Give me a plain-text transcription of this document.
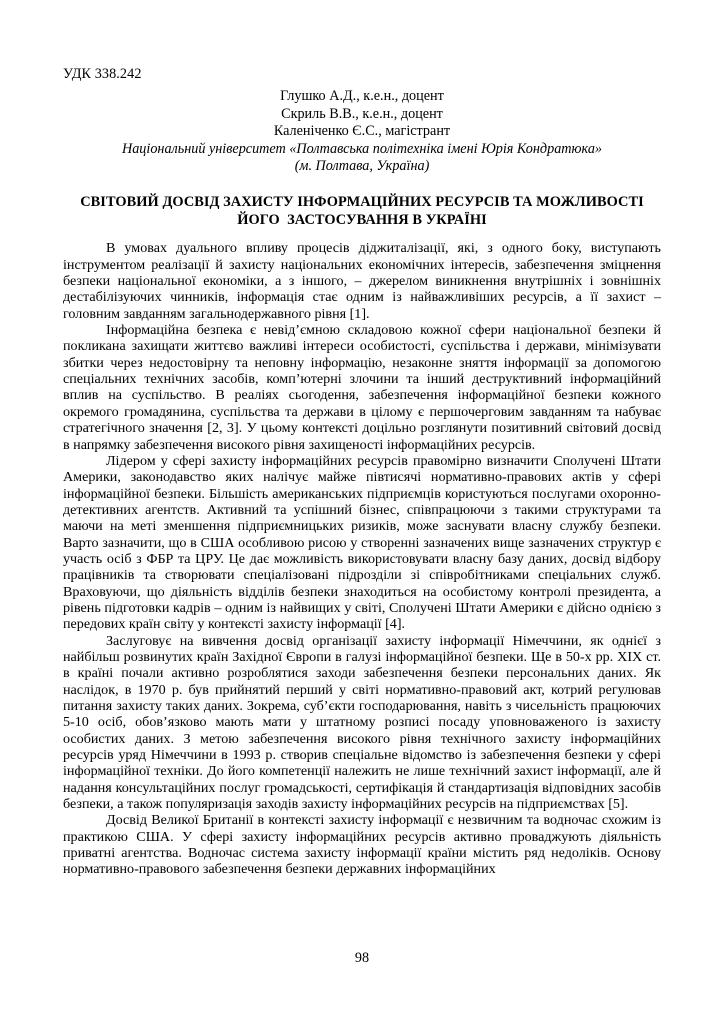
УДК 338.242
Глушко А.Д., к.е.н., доцент
Скриль В.В., к.е.н., доцент
Каленіченко Є.С., магістрант
Національний університет «Полтавська політехніка імені Юрія Кондратюка»
(м. Полтава, Україна)
СВІТОВИЙ ДОСВІД ЗАХИСТУ ІНФОРМАЦІЙНИХ РЕСУРСІВ ТА МОЖЛИВОСТІ
ЙОГО  ЗАСТОСУВАННЯ В УКРАЇНІ

В умовах дуального впливу процесів діджиталізації, які, з одного боку, виступають інструментом реалізації й захисту національних економічних інтересів, забезпечення зміцнення безпеки національної економіки, а з іншого, – джерелом виникнення внутрішніх і зовнішніх дестабілізуючих чинників, інформація стає одним із найважливіших ресурсів, а її захист – головним завданням загальнодержавного рівня [1].

Інформаційна безпека є невід’ємною складовою кожної сфери національної безпеки й покликана захищати життєво важливі інтереси особистості, суспільства і держави, мінімізувати збитки через недостовірну та неповну інформацію, незаконне зняття інформації за допомогою спеціальних технічних засобів, комп’ютерні злочини та інший деструктивний інформаційний вплив на суспільство. В реаліях сьогодення, забезпечення інформаційної безпеки кожного окремого громадянина, суспільства та держави в цілому є першочерговим завданням та набуває стратегічного значення [2, 3]. У цьому контексті доцільно розглянути позитивний світовий досвід в напрямку забезпечення високого рівня захищеності інформаційних ресурсів.

Лідером у сфері захисту інформаційних ресурсів правомірно визначити Сполучені Штати Америки, законодавство яких налічує майже півтисячі нормативно-правових актів у сфері інформаційної безпеки. Більшість американських підприємців користуються послугами охоронно-детективних агентств. Активний та успішний бізнес, співпрацюючи з такими структурами та маючи на меті зменшення підприємницьких ризиків, може заснувати власну службу безпеки. Варто зазначити, що в США особливою рисою у створенні зазначених вище зазначених структур є участь осіб з ФБР та ЦРУ. Це дає можливість використовувати власну базу даних, досвід відбору працівників та створювати спеціалізовані підрозділи зі співробітниками спеціальних служб. Враховуючи, що діяльність відділів безпеки знаходиться на особистому контролі президента, а рівень підготовки кадрів – одним із найвищих у світі, Сполучені Штати Америки є дійсно однією з передових країн світу у контексті захисту інформації [4].

Заслуговує на вивчення досвід організації захисту інформації Німеччини, як однієї з найбільш розвинутих країн Західної Європи в галузі інформаційної безпеки. Ще в 50-х рр. XIX ст. в країні почали активно розроблятися заходи забезпечення безпеки персональних даних. Як наслідок, в 1970 р. був прийнятий перший у світі нормативно-правовий акт, котрий регулював питання захисту таких даних. Зокрема, суб’єкти господарювання, навіть з чисельність працюючих 5-10 осіб, обов’язково мають мати у штатному розписі посаду уповноваженого із захисту особистих даних. З метою забезпечення високого рівня технічного захисту інформаційних ресурсів уряд Німеччини в 1993 р. створив спеціальне відомство із забезпечення безпеки у сфері інформаційної техніки. До його компетенції належить не лише технічний захист інформації, але й надання консультаційних послуг громадськості, сертифікація й стандартизація відповідних засобів безпеки, а також популяризація заходів захисту інформаційних ресурсів на підприємствах [5].

Досвід Великої Британії в контексті захисту інформації є незвичним та водночас схожим із практикою США. У сфері захисту інформаційних ресурсів активно проваджують діяльність приватні агентства. Водночас система захисту інформації країни містить ряд недоліків. Основу нормативно-правового забезпечення безпеки державних інформаційних

98
